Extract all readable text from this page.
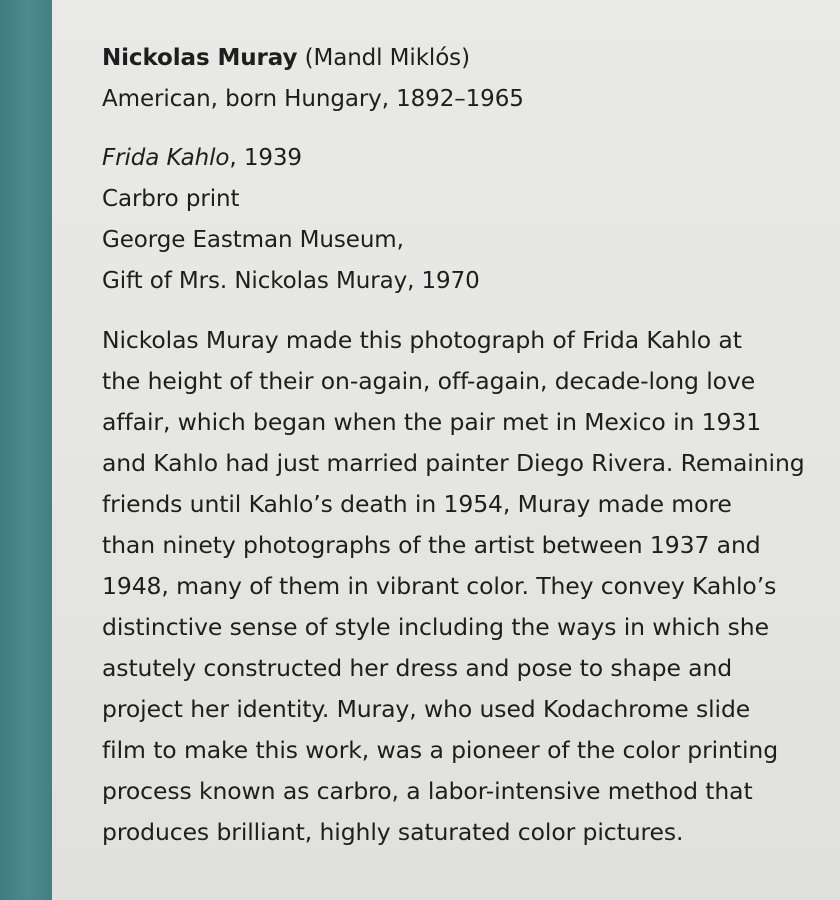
Nickolas Muray (Mandl Miklós)
American, born Hungary, 1892–1965
Frida Kahlo, 1939
Carbro print
George Eastman Museum,
Gift of Mrs. Nickolas Muray, 1970
Nickolas Muray made this photograph of Frida Kahlo at
the height of their on-again, off-again, decade-long love
affair, which began when the pair met in Mexico in 1931
and Kahlo had just married painter Diego Rivera. Remaining
friends until Kahlo’s death in 1954, Muray made more
than ninety photographs of the artist between 1937 and
1948, many of them in vibrant color. They convey Kahlo’s
distinctive sense of style including the ways in which she
astutely constructed her dress and pose to shape and
project her identity. Muray, who used Kodachrome slide
film to make this work, was a pioneer of the color printing
process known as carbro, a labor-intensive method that
produces brilliant, highly saturated color pictures.
